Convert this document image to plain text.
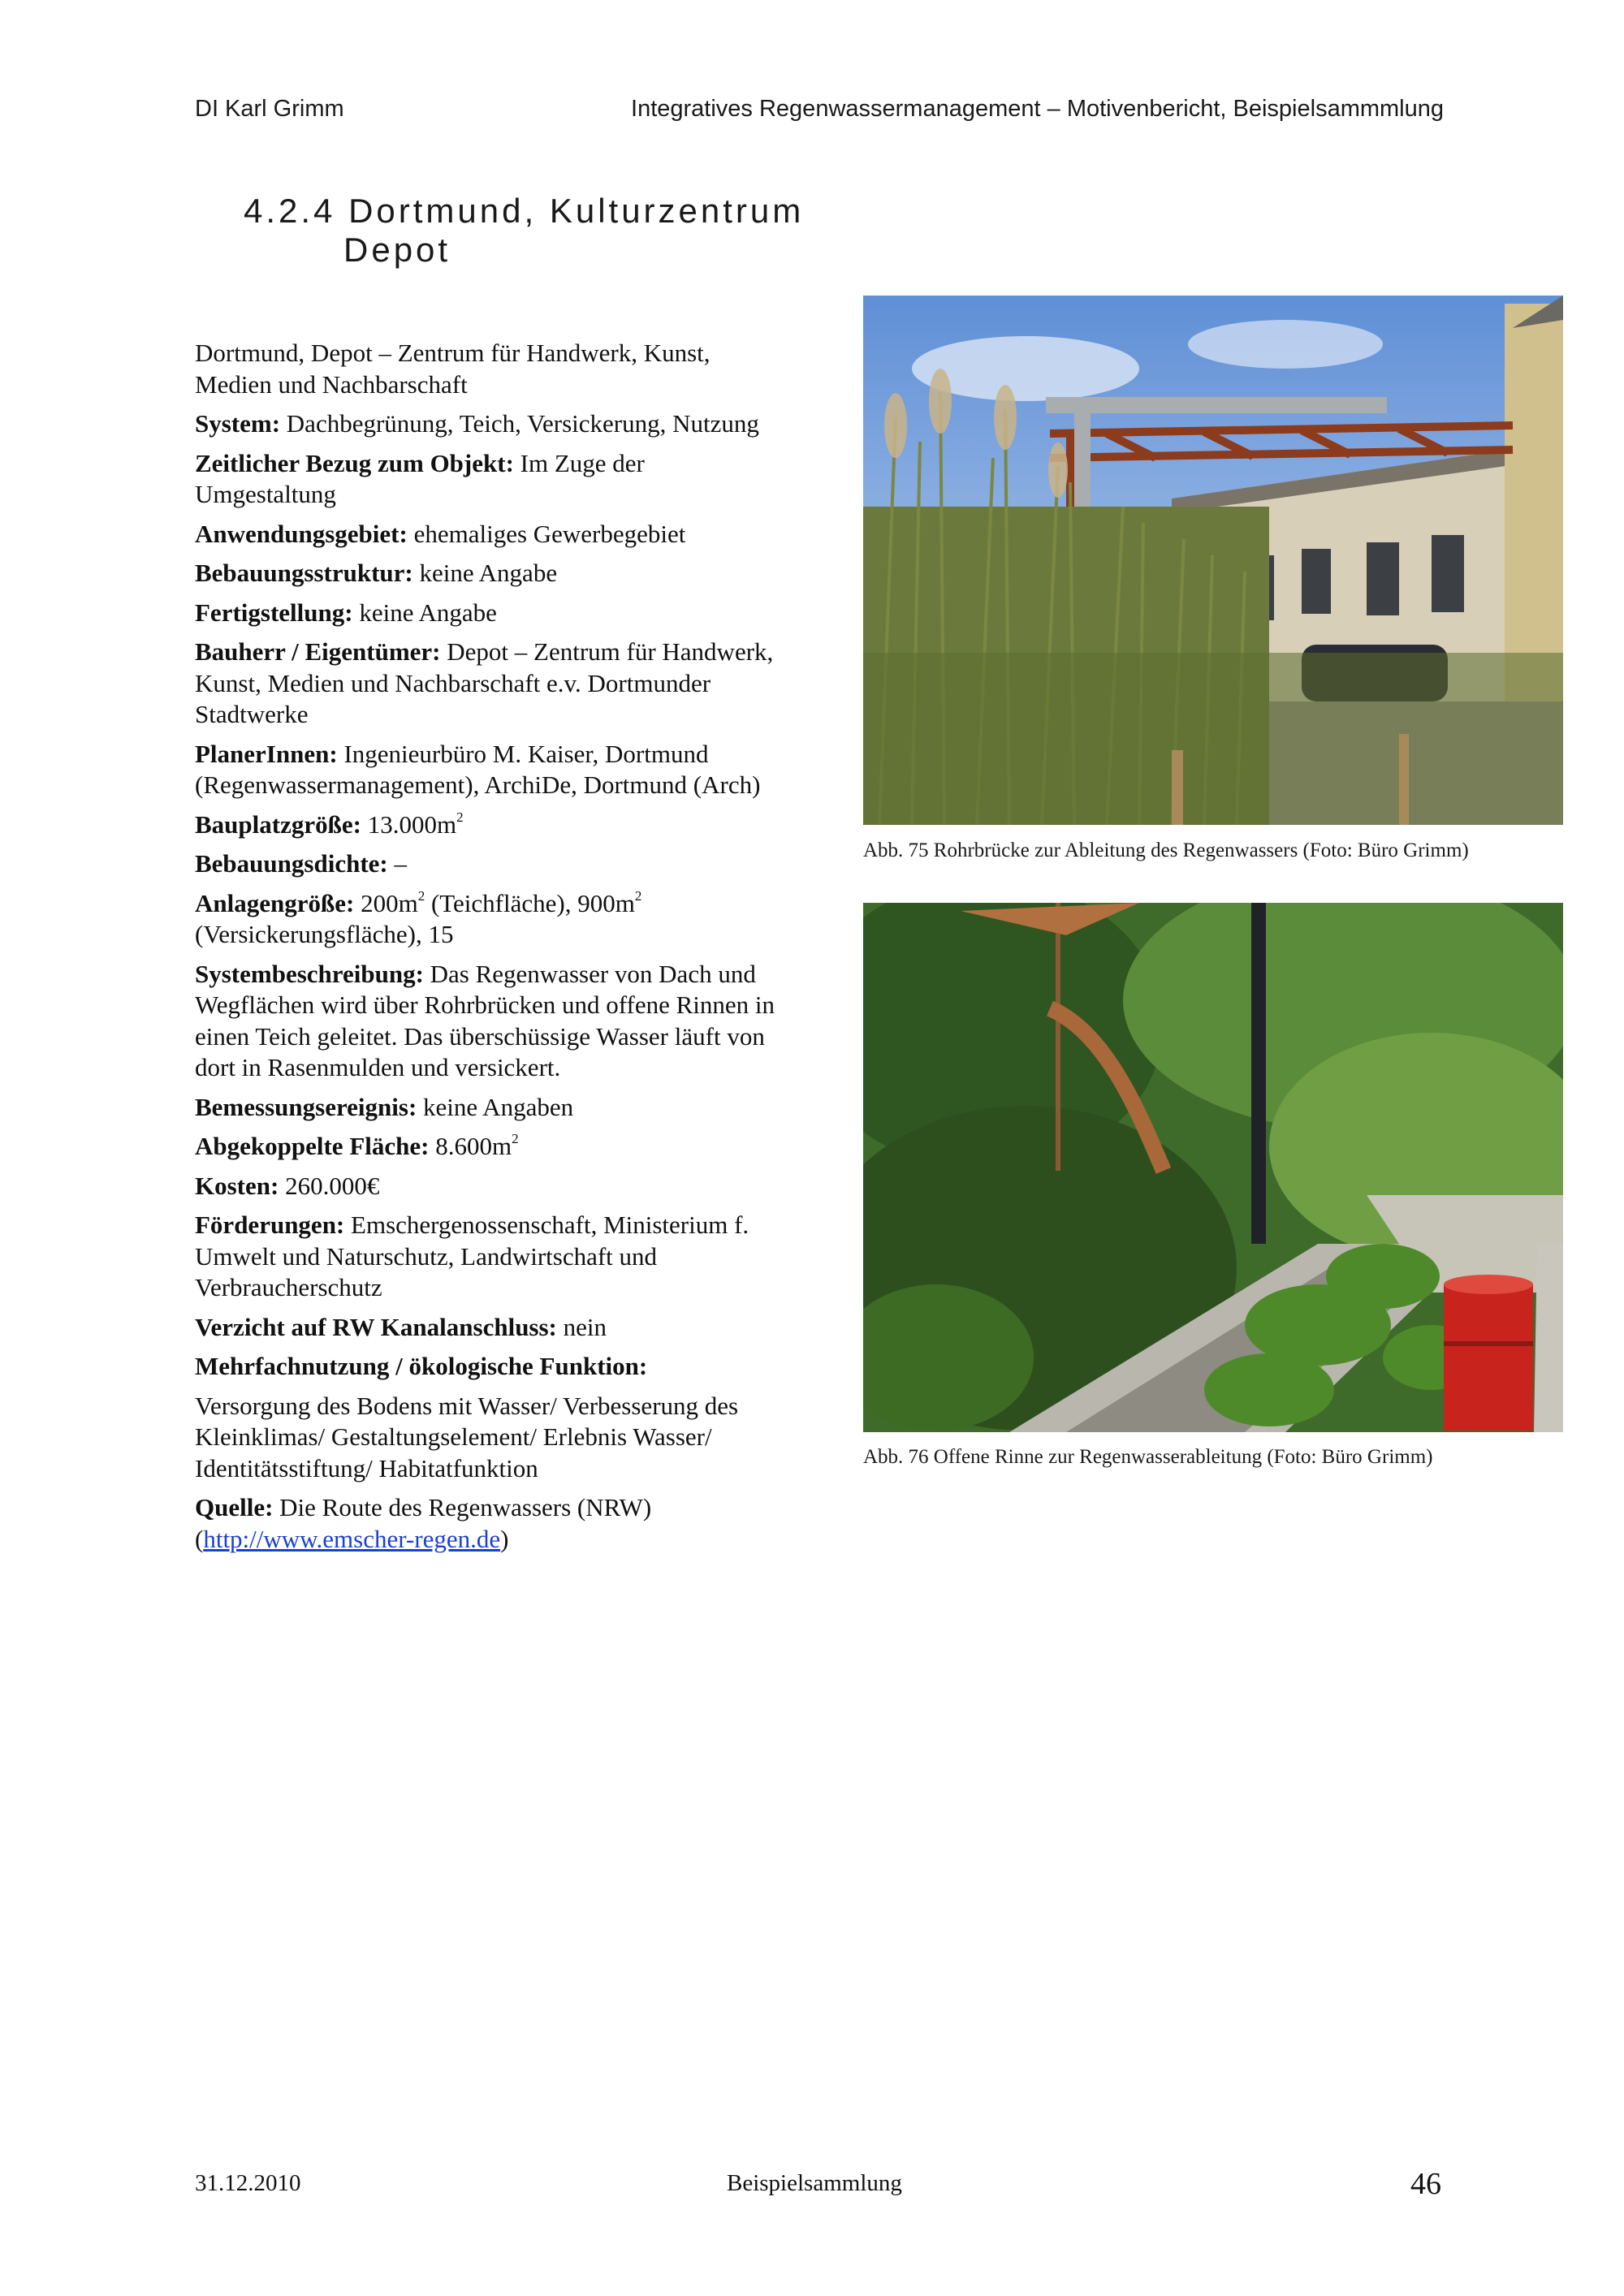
DI Karl Grimm	Integratives Regenwassermanagement – Motivenbericht, Beispielsammmlung
4.2.4 Dortmund, Kulturzentrum
Depot

Dortmund, Depot – Zentrum für Handwerk, Kunst, Medien und Nachbarschaft

System: Dachbegrünung, Teich, Versickerung, Nutzung

Zeitlicher Bezug zum Objekt: Im Zuge der Umgestaltung

Anwendungsgebiet: ehemaliges Gewerbegebiet

Bebauungsstruktur: keine Angabe

Fertigstellung: keine Angabe

Bauherr / Eigentümer: Depot – Zentrum für Handwerk, Kunst, Medien und Nachbarschaft e.v. Dortmunder Stadtwerke

PlanerInnen: Ingenieurbüro M. Kaiser, Dortmund (Regenwassermanagement), ArchiDe, Dortmund (Arch)

Bauplatzgröße: $13.000m^2$

Bebauungsdichte: –

Anlagengröße: $200m^2$ (Teichfläche), $900m^2$ (Versickerungsfläche), 15

Systembeschreibung: Das Regenwasser von Dach und Wegflächen wird über Rohrbrücken und offene Rinnen in einen Teich geleitet. Das überschüssige Wasser läuft von dort in Rasenmulden und versickert.

Bemessungsereignis: keine Angaben

Abgekoppelte Fläche: $8.600m^2$

Kosten: 260.000€

Förderungen: Emschergenossenschaft, Ministerium f. Umwelt und Naturschutz, Landwirtschaft und Verbraucherschutz

Verzicht auf RW Kanalanschluss: nein

Mehrfachnutzung / ökologische Funktion:

Versorgung des Bodens mit Wasser/ Verbesserung des Kleinklimas/ Gestaltungselement/ Erlebnis Wasser/ Identitätsstiftung/ Habitatfunktion

Quelle: Die Route des Regenwassers (NRW) (http://www.emscher-regen.de)

Abb. 75 Rohrbrücke zur Ableitung des Regenwassers (Foto: Büro Grimm)
Abb. 76 Offene Rinne zur Regenwasserableitung (Foto: Büro Grimm)
31.12.2010	Beispielsammlung	46
